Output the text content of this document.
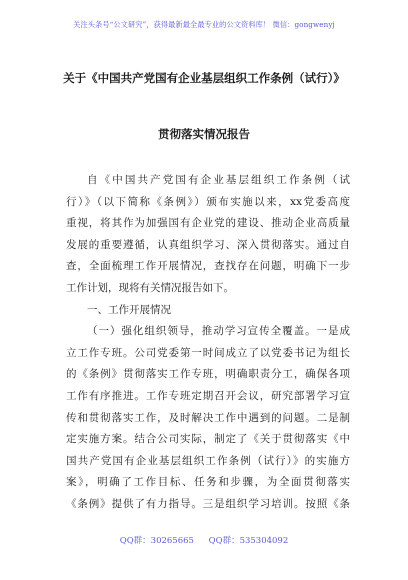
关注头条号“公文研究”，获得最新最全最专业的公文资料库！ 微信：gongwenyj
关于《中国共产党国有企业基层组织工作条例（试行）》
贯彻落实情况报告
自《中国共产党国有企业基层组织工作条例（试
行）》（以下简称《条例》）颁布实施以来，xx党委高度
重视，将其作为加强国有企业党的建设、推动企业高质量
发展的重要遵循，认真组织学习、深入贯彻落实。通过自
查，全面梳理工作开展情况，查找存在问题，明确下一步
工作计划，现将有关情况报告如下。
一、工作开展情况
（一）强化组织领导，推动学习宣传全覆盖。一是成
立工作专班。公司党委第一时间成立了以党委书记为组长
的《条例》贯彻落实工作专班，明确职责分工，确保各项
工作有序推进。工作专班定期召开会议，研究部署学习宣
传和贯彻落实工作，及时解决工作中遇到的问题。二是制
定实施方案。结合公司实际，制定了《关于贯彻落实《中
国共产党国有企业基层组织工作条例（试行）》的实施方
案》，明确了工作目标、任务和步骤，为全面贯彻落实
《条例》提供了有力指导。三是组织学习培训。按照《条
QQ群：30265665 QQ群：535304092
